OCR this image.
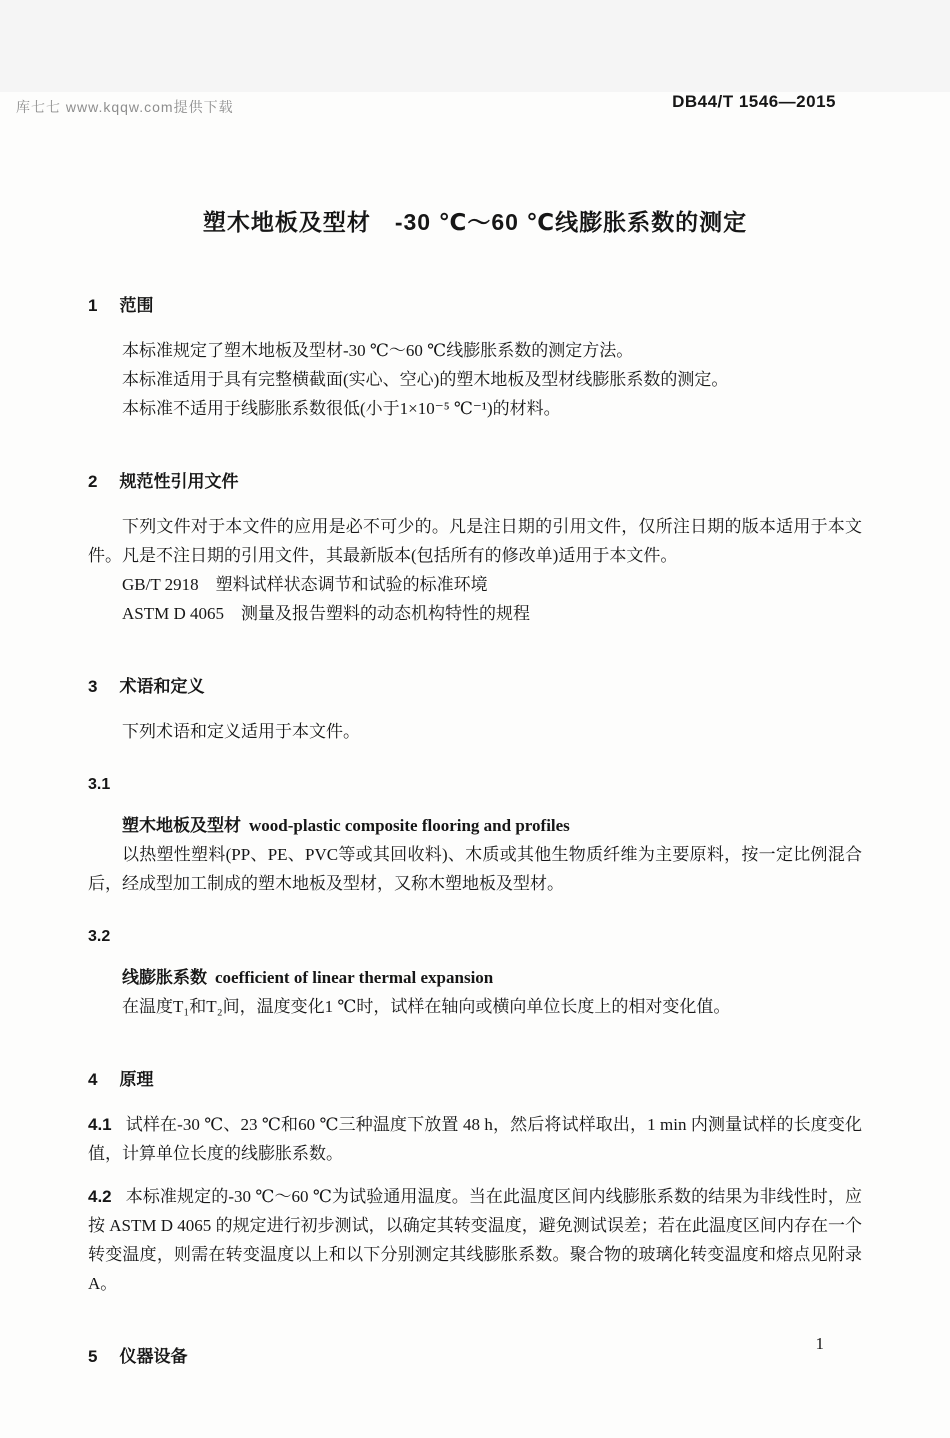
库七七 www.kqqw.com提供下载	DB44/T 1546—2015
塑木地板及型材　-30 ℃～60 ℃线膨胀系数的测定
1 范围

本标准规定了塑木地板及型材-30 ℃～60 ℃线膨胀系数的测定方法。

本标准适用于具有完整横截面(实心、空心)的塑木地板及型材线膨胀系数的测定。

本标准不适用于线膨胀系数很低(小于1×10⁻⁵ ℃⁻¹)的材料。

2 规范性引用文件

下列文件对于本文件的应用是必不可少的。凡是注日期的引用文件，仅所注日期的版本适用于本文件。凡是不注日期的引用文件，其最新版本(包括所有的修改单)适用于本文件。

GB/T 2918　塑料试样状态调节和试验的标准环境

ASTM D 4065　测量及报告塑料的动态机构特性的规程

3 术语和定义

下列术语和定义适用于本文件。

3.1

塑木地板及型材 wood-plastic composite flooring and profiles

以热塑性塑料(PP、PE、PVC等或其回收料)、木质或其他生物质纤维为主要原料，按一定比例混合后，经成型加工制成的塑木地板及型材，又称木塑地板及型材。

3.2

线膨胀系数 coefficient of linear thermal expansion

在温度T₁和T₂间，温度变化1 ℃时，试样在轴向或横向单位长度上的相对变化值。

4 原理

4.1 试样在-30 ℃、23 ℃和60 ℃三种温度下放置 48 h，然后将试样取出，1 min 内测量试样的长度变化值，计算单位长度的线膨胀系数。

4.2 本标准规定的-30 ℃～60 ℃为试验通用温度。当在此温度区间内线膨胀系数的结果为非线性时，应按 ASTM D 4065 的规定进行初步测试，以确定其转变温度，避免测试误差；若在此温度区间内存在一个转变温度，则需在转变温度以上和以下分别测定其线膨胀系数。聚合物的玻璃化转变温度和熔点见附录 A。

5 仪器设备
1
